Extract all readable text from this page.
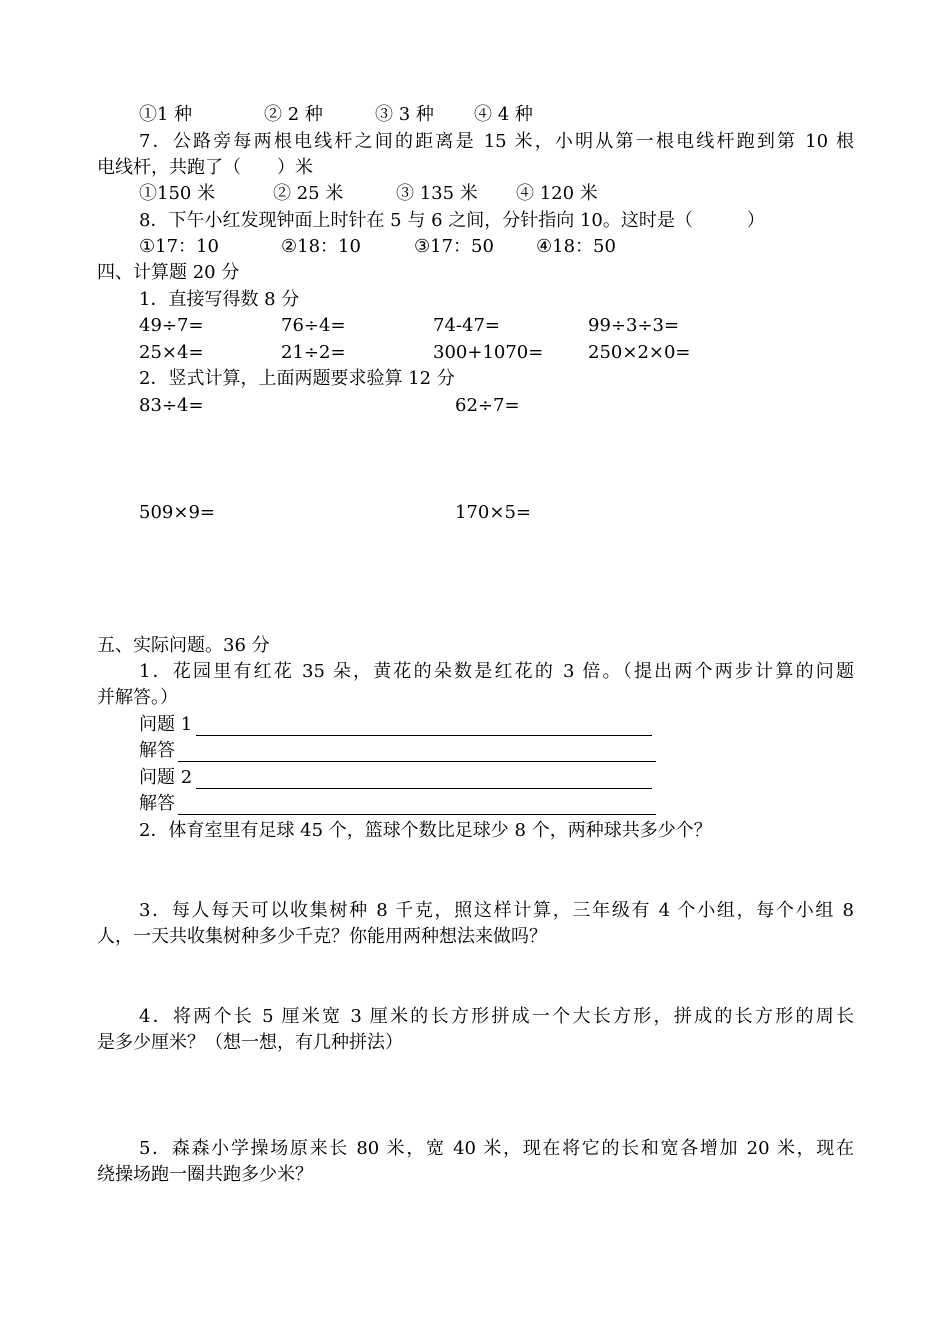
①1 种	② 2 种	③ 3 种 ④ 4 种
7．公路旁每两根电线杆之间的距离是 15 米，小明从第一根电线杆跑到第 10 根
电线杆，共跑了（　　）米
①150 米	② 25 米	③ 135 米 ④ 120 米
8．下午小红发现钟面上时针在 5 与 6 之间，分针指向 10。这时是（　　　）
①17：10	②18：10	③17：50 ④18：50
四、计算题 20 分
1．直接写得数 8 分
49÷7=	76÷4=	74-47=	99÷3÷3=
25×4=	21÷2=	300+1070= 250×2×0=
2．竖式计算，上面两题要求验算 12 分
83÷4=	62÷7=
509×9=	170×5=
五、实际问题。36 分
1．花园里有红花 35 朵，黄花的朵数是红花的 3 倍。（提出两个两步计算的问题
并解答。）
问题 1
解答
问题 2
解答
2．体育室里有足球 45 个，篮球个数比足球少 8 个，两种球共多少个？
3．每人每天可以收集树种 8 千克，照这样计算，三年级有 4 个小组，每个小组 8
人，一天共收集树种多少千克？你能用两种想法来做吗？
4．将两个长 5 厘米宽 3 厘米的长方形拼成一个大长方形，拼成的长方形的周长
是多少厘米？（想一想，有几种拼法）
5．森森小学操场原来长 80 米，宽 40 米，现在将它的长和宽各增加 20 米，现在
绕操场跑一圈共跑多少米？
